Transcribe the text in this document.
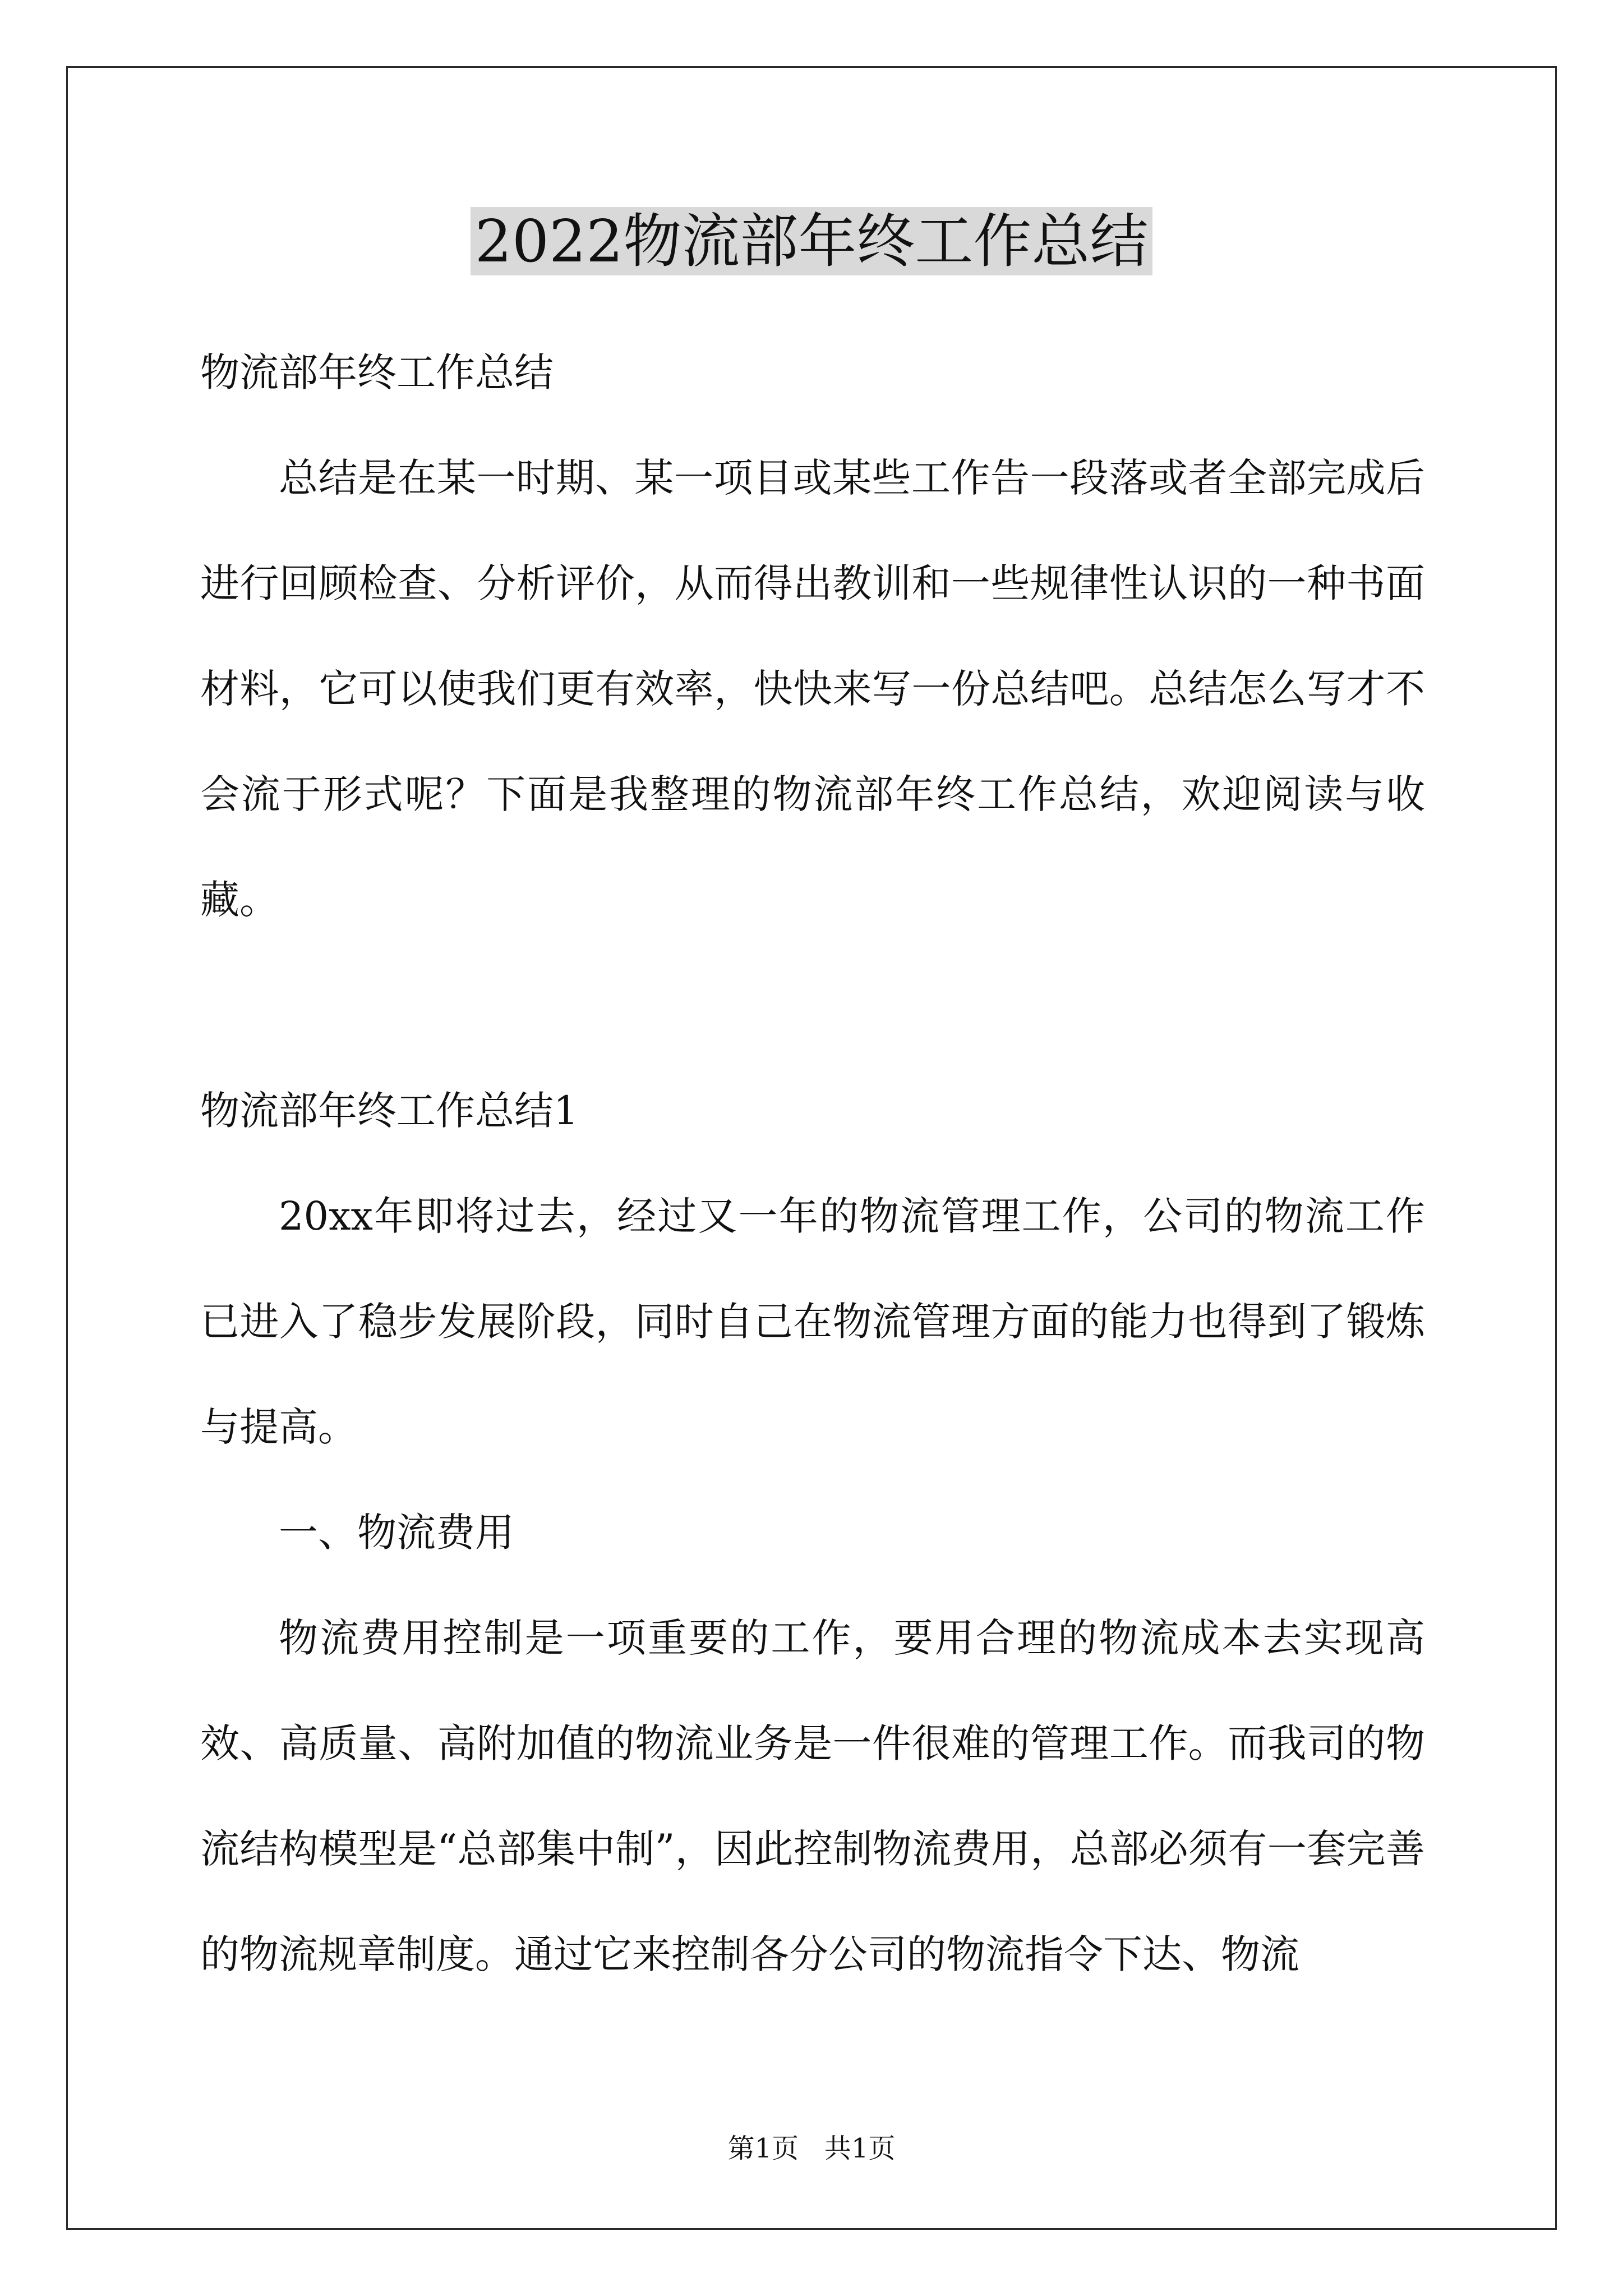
2022物流部年终工作总结

物流部年终工作总结

总结是在某一时期、某一项目或某些工作告一段落或者全部完成后进行回顾检查、分析评价，从而得出教训和一些规律性认识的一种书面材料，它可以使我们更有效率，快快来写一份总结吧。总结怎么写才不会流于形式呢？下面是我整理的物流部年终工作总结，欢迎阅读与收藏。

物流部年终工作总结1

20xx年即将过去，经过又一年的物流管理工作，公司的物流工作已进入了稳步发展阶段，同时自己在物流管理方面的能力也得到了锻炼与提高。

一、物流费用

物流费用控制是一项重要的工作，要用合理的物流成本去实现高效、高质量、高附加值的物流业务是一件很难的管理工作。而我司的物流结构模型是“总部集中制”，因此控制物流费用，总部必须有一套完善的物流规章制度。通过它来控制各分公司的物流指令下达、物流

第1页   共1页
